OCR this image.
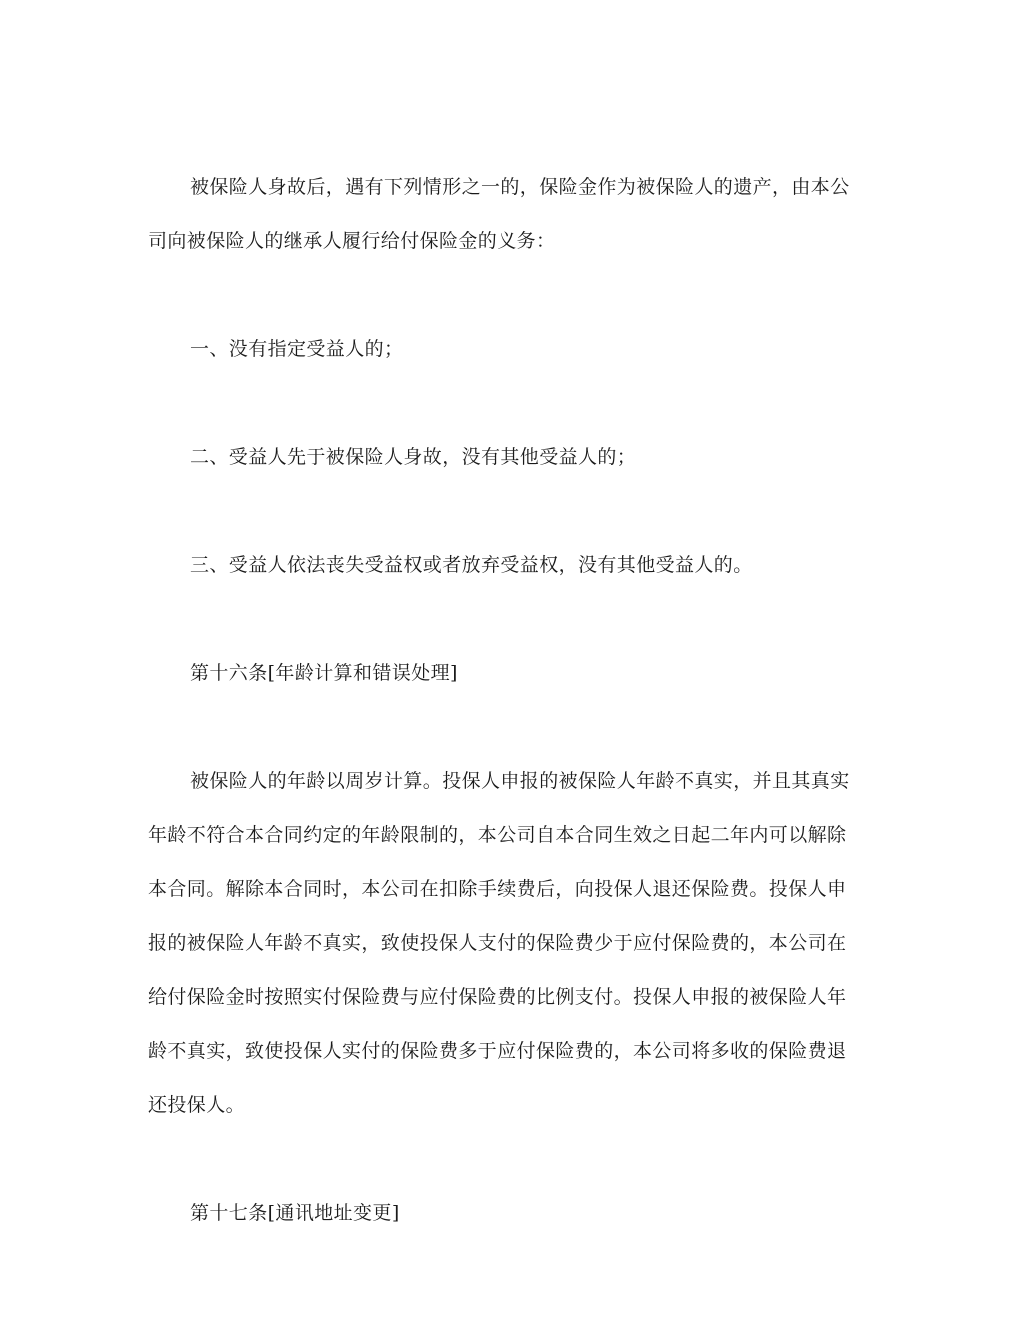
被保险人身故后，遇有下列情形之一的，保险金作为被保险人的遗产，由本公
司向被保险人的继承人履行给付保险金的义务：
一、没有指定受益人的；
二、受益人先于被保险人身故，没有其他受益人的；
三、受益人依法丧失受益权或者放弃受益权，没有其他受益人的。
第十六条[年龄计算和错误处理]
被保险人的年龄以周岁计算。投保人申报的被保险人年龄不真实，并且其真实
年龄不符合本合同约定的年龄限制的，本公司自本合同生效之日起二年内可以解除
本合同。解除本合同时，本公司在扣除手续费后，向投保人退还保险费。投保人申
报的被保险人年龄不真实，致使投保人支付的保险费少于应付保险费的，本公司在
给付保险金时按照实付保险费与应付保险费的比例支付。投保人申报的被保险人年
龄不真实，致使投保人实付的保险费多于应付保险费的，本公司将多收的保险费退
还投保人。
第十七条[通讯地址变更]
